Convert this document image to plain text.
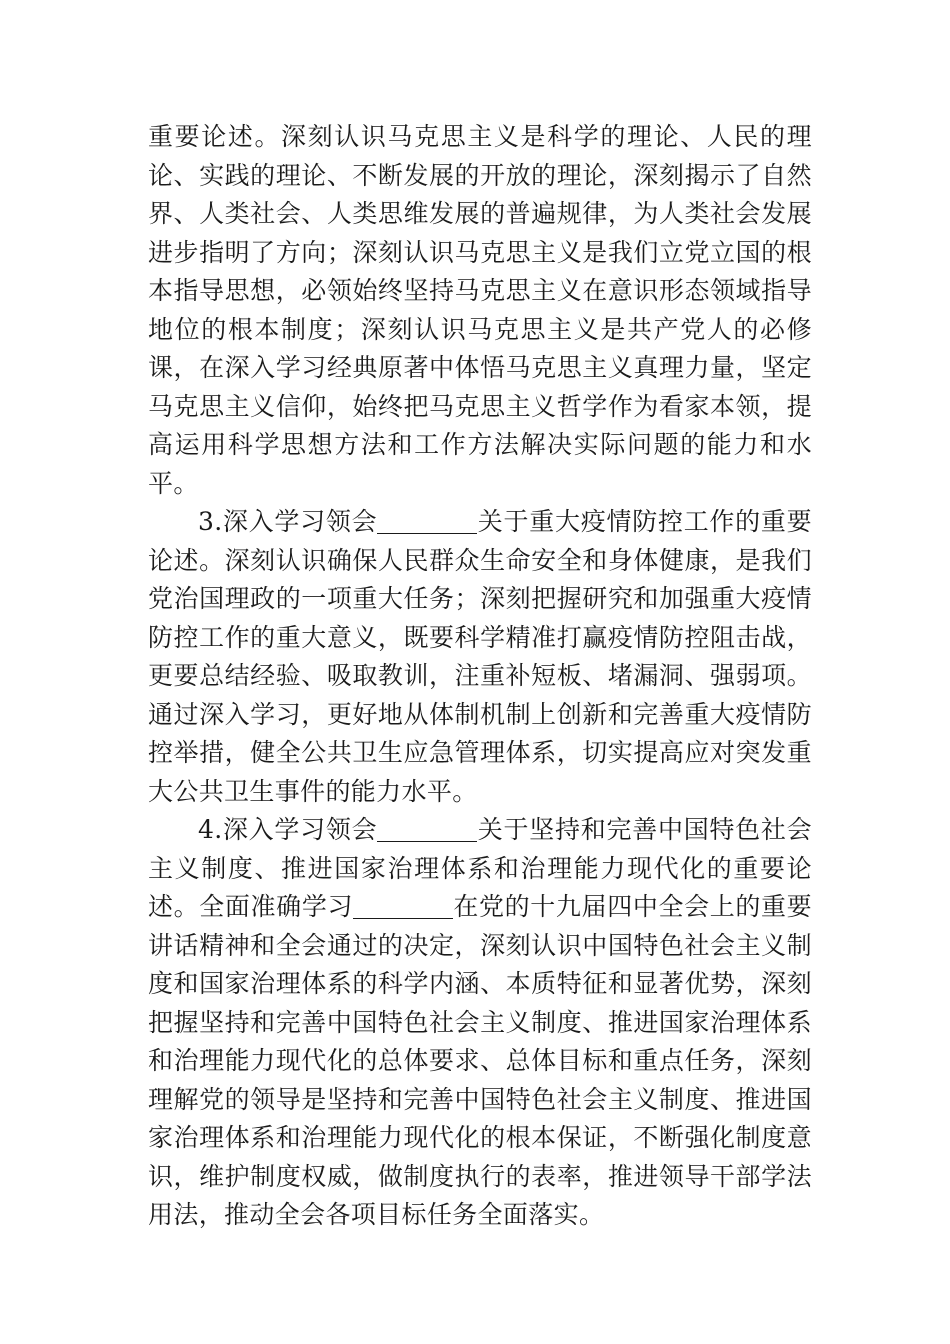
重要论述。深刻认识马克思主义是科学的理论、人民的理论、实践的理论、不断发展的开放的理论，深刻揭示了自然界、人类社会、人类思维发展的普遍规律，为人类社会发展进步指明了方向；深刻认识马克思主义是我们立党立国的根本指导思想，必领始终坚持马克思主义在意识形态领域指导地位的根本制度；深刻认识马克思主义是共产党人的必修课，在深入学习经典原著中体悟马克思主义真理力量，坚定马克思主义信仰，始终把马克思主义哲学作为看家本领，提高运用科学思想方法和工作方法解决实际问题的能力和水平。

3.深入学习领会	关于重大疫情防控工作的重要论述。深刻认识确保人民群众生命安全和身体健康，是我们党治国理政的一项重大任务；深刻把握研究和加强重大疫情防控工作的重大意义，既要科学精准打赢疫情防控阻击战，更要总结经验、吸取教训，注重补短板、堵漏洞、强弱项。通过深入学习，更好地从体制机制上创新和完善重大疫情防控举措，健全公共卫生应急管理体系，切实提高应对突发重大公共卫生事件的能力水平。

4.深入学习领会	关于坚持和完善中国特色社会主义制度、推进国家治理体系和治理能力现代化的重要论述。全面准确学习	在党的十九届四中全会上的重要讲话精神和全会通过的决定，深刻认识中国特色社会主义制度和国家治理体系的科学内涵、本质特征和显著优势，深刻把握坚持和完善中国特色社会主义制度、推进国家治理体系和治理能力现代化的总体要求、总体目标和重点任务，深刻理解党的领导是坚持和完善中国特色社会主义制度、推进国家治理体系和治理能力现代化的根本保证，不断强化制度意识，维护制度权威，做制度执行的表率，推进领导干部学法用法，推动全会各项目标任务全面落实。
